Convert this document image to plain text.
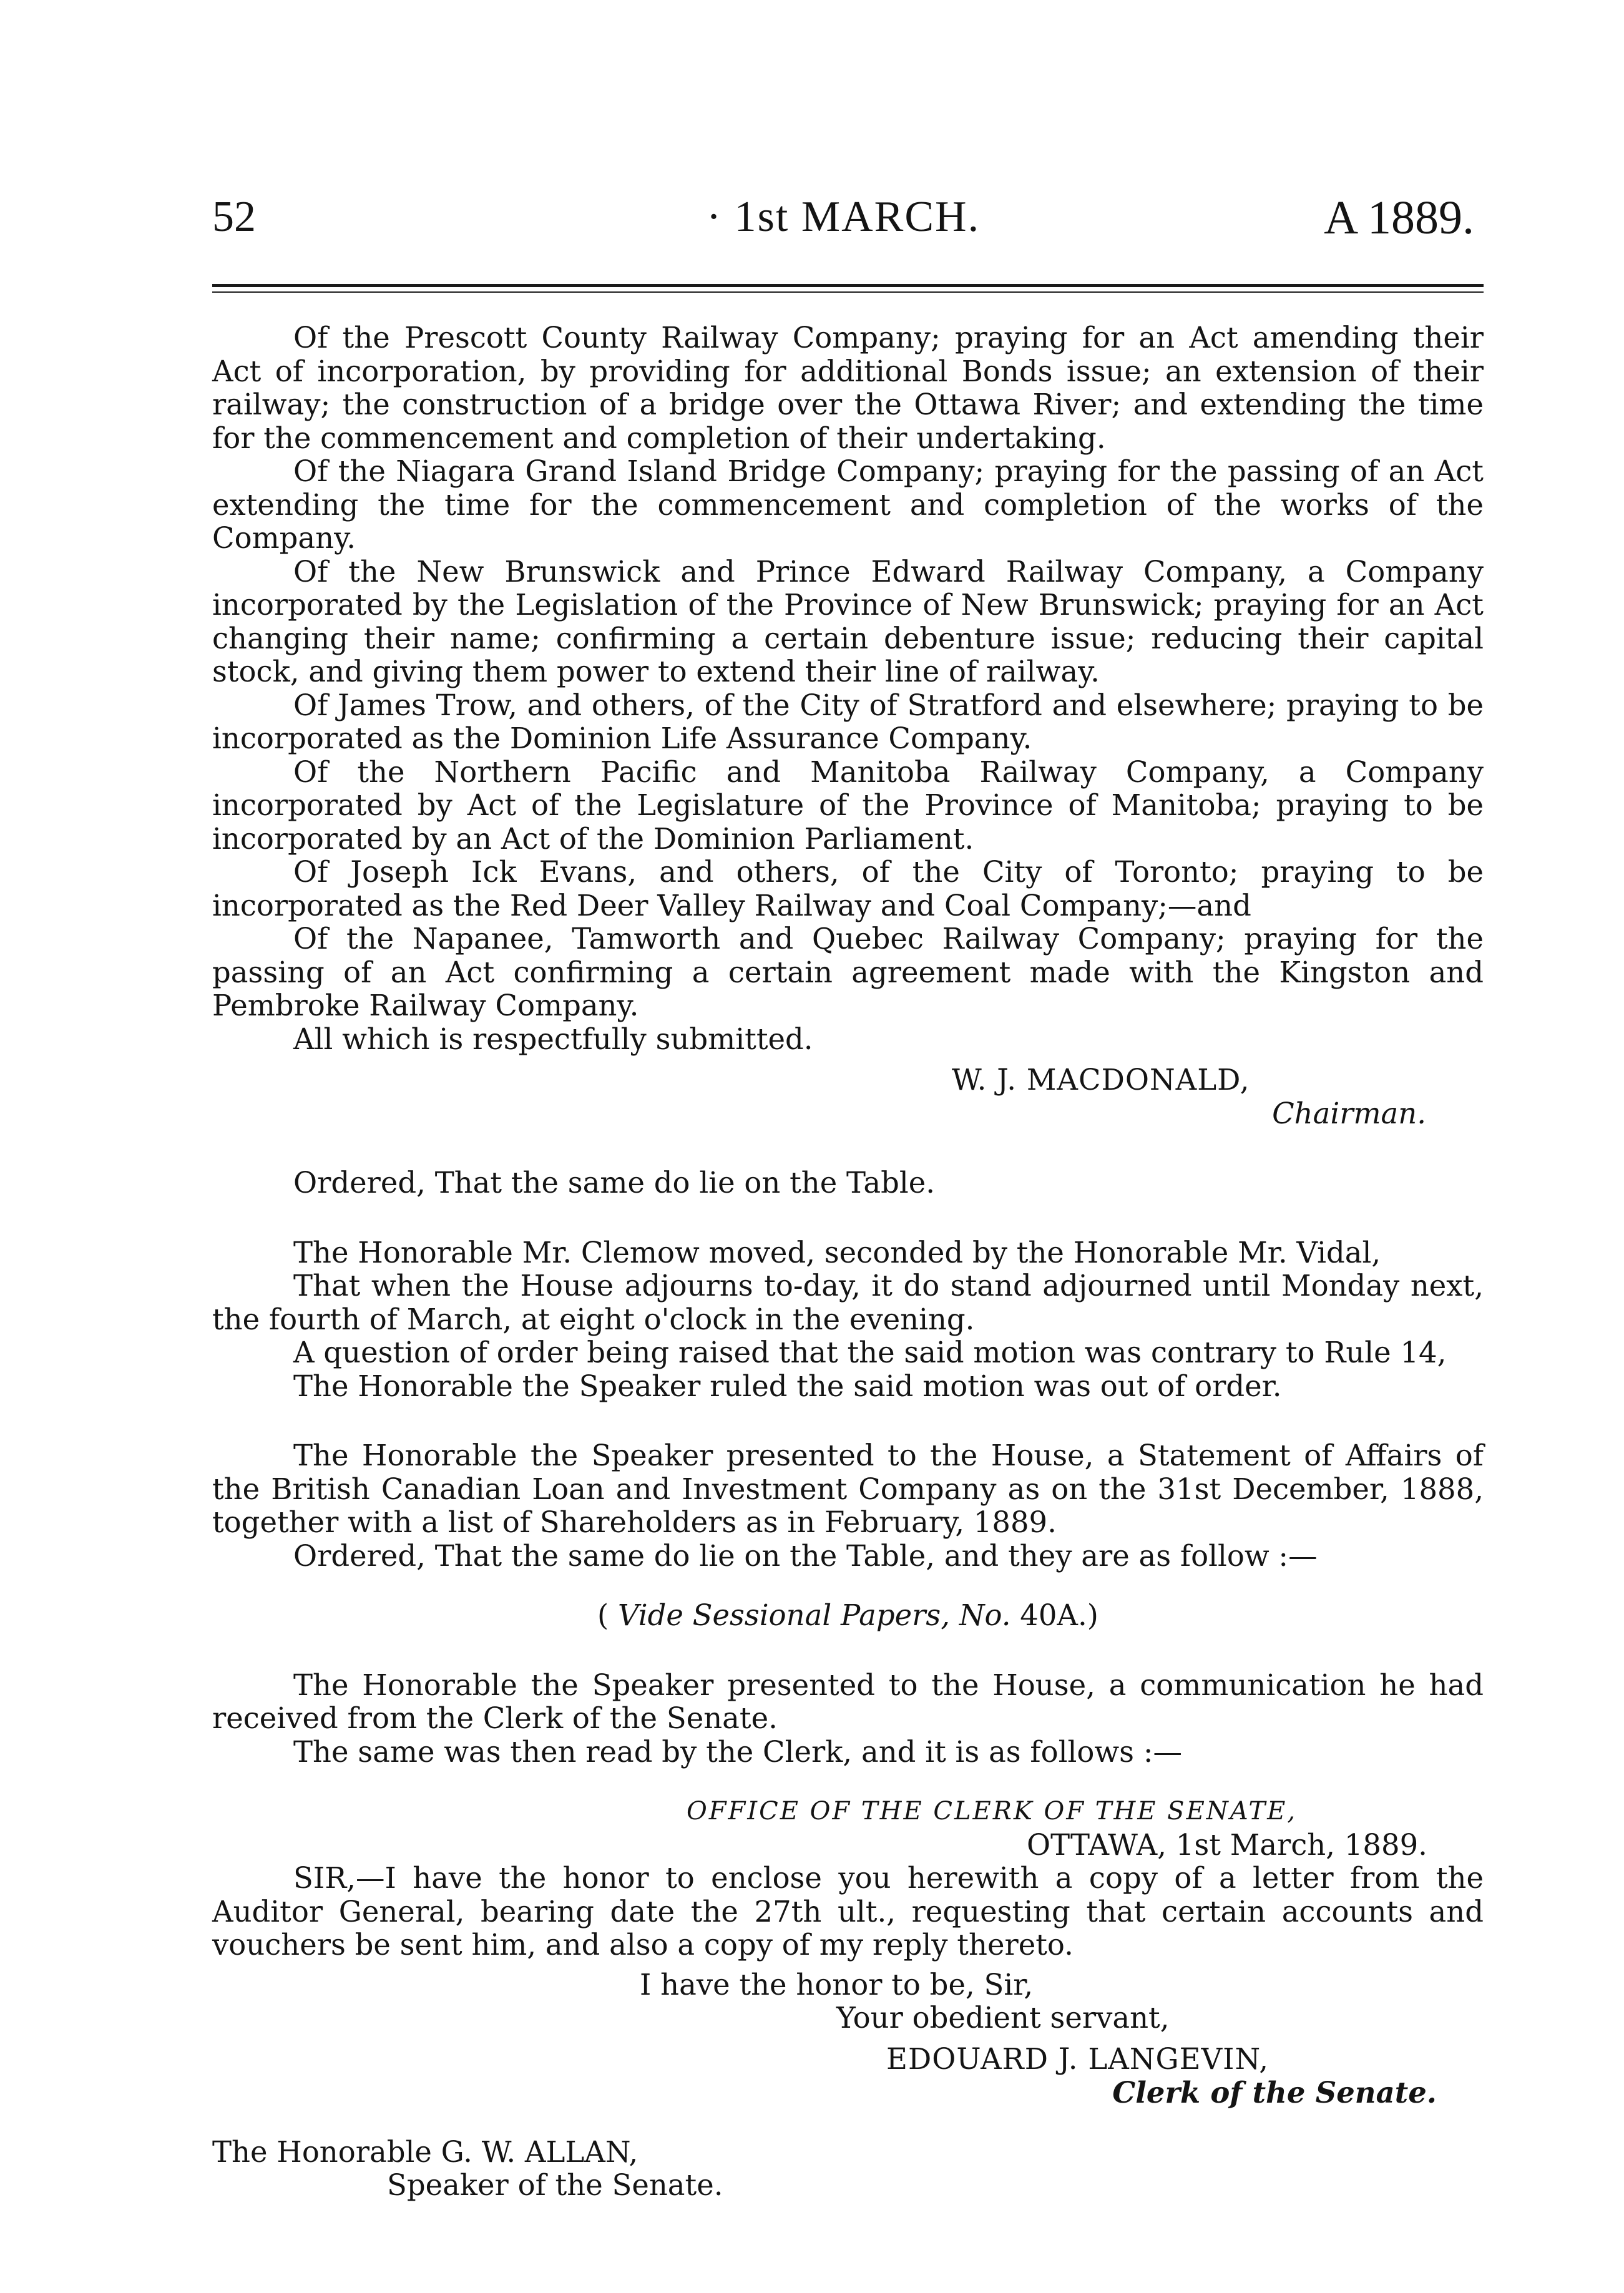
52	· 1st MARCH.	A 1889.

Of the Prescott County Railway Company; praying for an Act amending their Act of incorporation, by providing for additional Bonds issue; an extension of their railway; the construction of a bridge over the Ottawa River; and extending the time for the commencement and completion of their undertaking.

Of the Niagara Grand Island Bridge Company; praying for the passing of an Act extending the time for the commencement and completion of the works of the Company.

Of the New Brunswick and Prince Edward Railway Company, a Company incorporated by the Legislation of the Province of New Brunswick; praying for an Act changing their name; confirming a certain debenture issue; reducing their capital stock, and giving them power to extend their line of railway.

Of James Trow, and others, of the City of Stratford and elsewhere; praying to be incorporated as the Dominion Life Assurance Company.

Of the Northern Pacific and Manitoba Railway Company, a Company incorporated by Act of the Legislature of the Province of Manitoba; praying to be incorporated by an Act of the Dominion Parliament.

Of Joseph Ick Evans, and others, of the City of Toronto; praying to be incorporated as the Red Deer Valley Railway and Coal Company;—and

Of the Napanee, Tamworth and Quebec Railway Company; praying for the passing of an Act confirming a certain agreement made with the Kingston and Pembroke Railway Company.

All which is respectfully submitted.

W. J. MACDONALD,

Chairman.

Ordered, That the same do lie on the Table.

The Honorable Mr. Clemow moved, seconded by the Honorable Mr. Vidal,

That when the House adjourns to-day, it do stand adjourned until Monday next, the fourth of March, at eight o'clock in the evening.

A question of order being raised that the said motion was contrary to Rule 14,

The Honorable the Speaker ruled the said motion was out of order.

The Honorable the Speaker presented to the House, a Statement of Affairs of the British Canadian Loan and Investment Company as on the 31st December, 1888, together with a list of Shareholders as in February, 1889.

Ordered, That the same do lie on the Table, and they are as follow :—

( Vide Sessional Papers, No. 40A.)

The Honorable the Speaker presented to the House, a communication he had received from the Clerk of the Senate.

The same was then read by the Clerk, and it is as follows :—

OFFICE OF THE CLERK OF THE SENATE,

OTTAWA, 1st March, 1889.

SIR,—I have the honor to enclose you herewith a copy of a letter from the Auditor General, bearing date the 27th ult., requesting that certain accounts and vouchers be sent him, and also a copy of my reply thereto.

I have the honor to be, Sir,

Your obedient servant,

EDOUARD J. LANGEVIN,

Clerk of the Senate.

The Honorable G. W. ALLAN,

Speaker of the Senate.
